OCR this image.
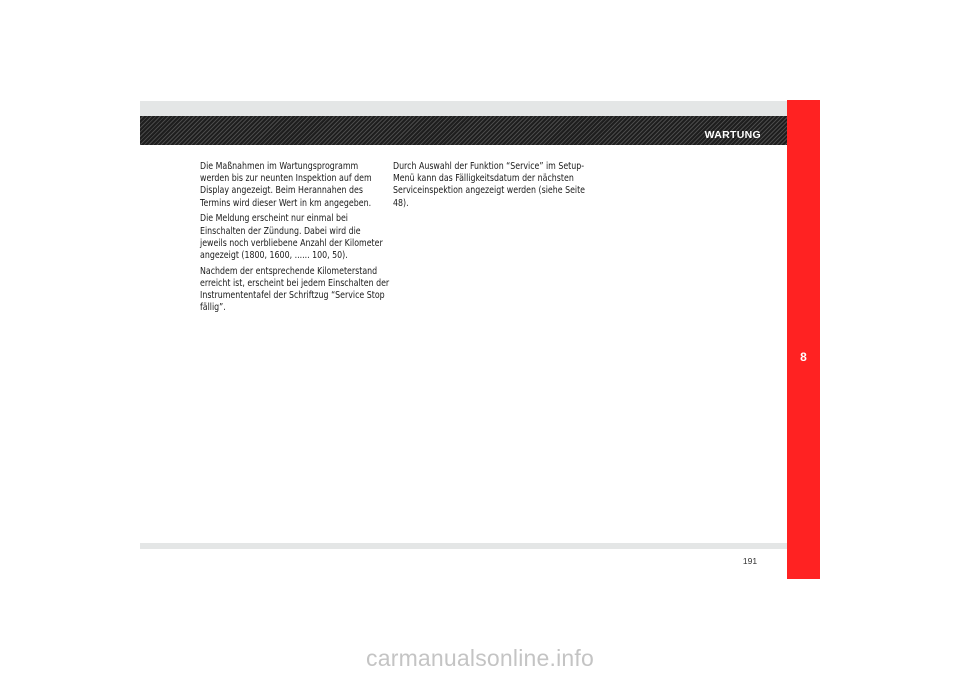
WARTUNG
8

Die Maßnahmen im Wartungsprogramm werden bis zur neunten Inspektion auf dem Display angezeigt. Beim Herannahen des Termins wird dieser Wert in km angegeben.

Die Meldung erscheint nur einmal bei Einschalten der Zündung. Dabei wird die jeweils noch verbliebene Anzahl der Kilometer angezeigt (1800, 1600, ...... 100, 50).

Nachdem der entsprechende Kilometerstand erreicht ist, erscheint bei jedem Einschalten der Instrumententafel der Schriftzug “Service Stop fällig”.

Durch Auswahl der Funktion “Service” im Setup-Menü kann das Fälligkeitsdatum der nächsten Serviceinspektion angezeigt werden (siehe Seite 48).

191
carmanualsonline.info
